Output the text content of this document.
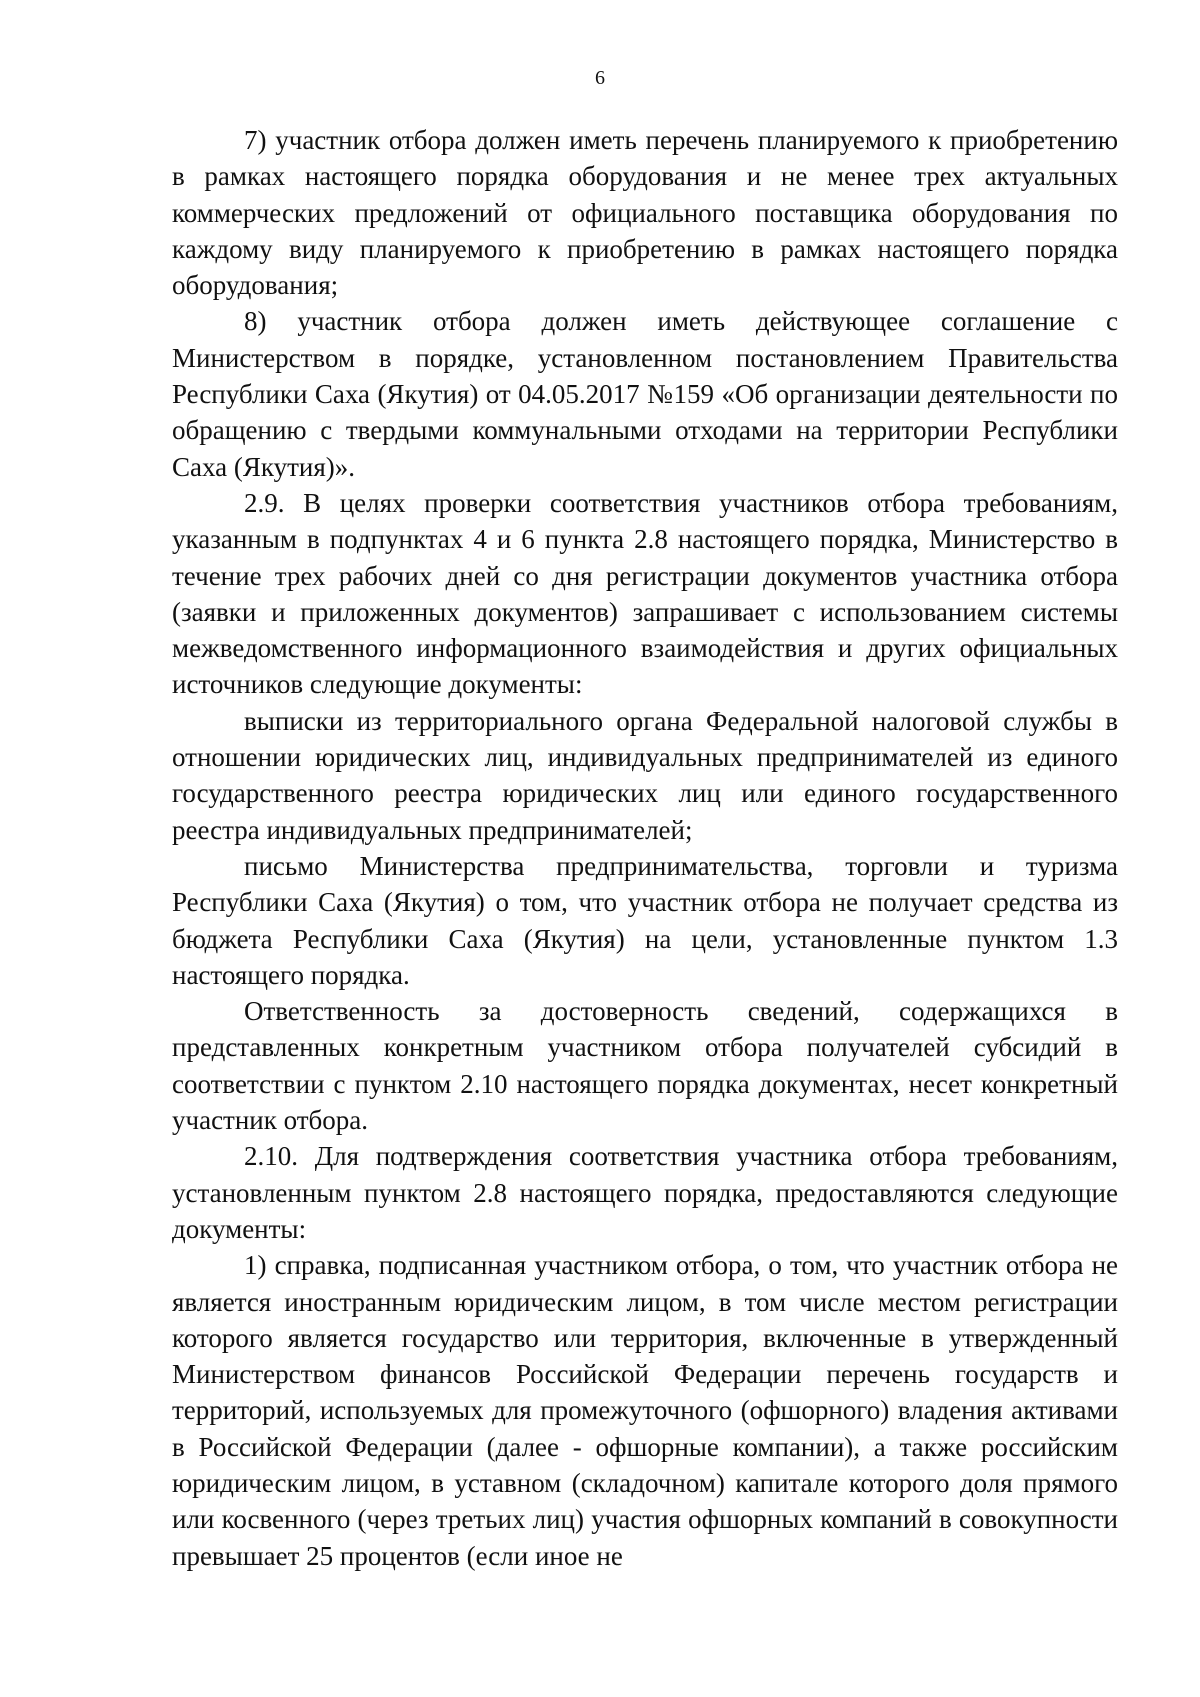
6

7) участник отбора должен иметь перечень планируемого к приобретению в рамках настоящего порядка оборудования и не менее трех актуальных коммерческих предложений от официального поставщика оборудования по каждому виду планируемого к приобретению в рамках настоящего порядка оборудования;

8) участник отбора должен иметь действующее соглашение с Министерством в порядке, установленном постановлением Правительства Республики Саха (Якутия) от 04.05.2017 №159 «Об организации деятельности по обращению с твердыми коммунальными отходами на территории Республики Саха (Якутия)».

2.9. В целях проверки соответствия участников отбора требованиям, указанным в подпунктах 4 и 6 пункта 2.8 настоящего порядка, Министерство в течение трех рабочих дней со дня регистрации документов участника отбора (заявки и приложенных документов) запрашивает с использованием системы межведомственного информационного взаимодействия и других официальных источников следующие документы:

выписки из территориального органа Федеральной налоговой службы в отношении юридических лиц, индивидуальных предпринимателей из единого государственного реестра юридических лиц или единого государственного реестра индивидуальных предпринимателей;

письмо Министерства предпринимательства, торговли и туризма Республики Саха (Якутия) о том, что участник отбора не получает средства из бюджета Республики Саха (Якутия) на цели, установленные пунктом 1.3 настоящего порядка.

Ответственность за достоверность сведений, содержащихся в представленных конкретным участником отбора получателей субсидий в соответствии с пунктом 2.10 настоящего порядка документах, несет конкретный участник отбора.

2.10. Для подтверждения соответствия участника отбора требованиям, установленным пунктом 2.8 настоящего порядка, предоставляются следующие документы:

1) справка, подписанная участником отбора, о том, что участник отбора не является иностранным юридическим лицом, в том числе местом регистрации которого является государство или территория, включенные в утвержденный Министерством финансов Российской Федерации перечень государств и территорий, используемых для промежуточного (офшорного) владения активами в Российской Федерации (далее - офшорные компании), а также российским юридическим лицом, в уставном (складочном) капитале которого доля прямого или косвенного (через третьих лиц) участия офшорных компаний в совокупности превышает 25 процентов (если иное не
